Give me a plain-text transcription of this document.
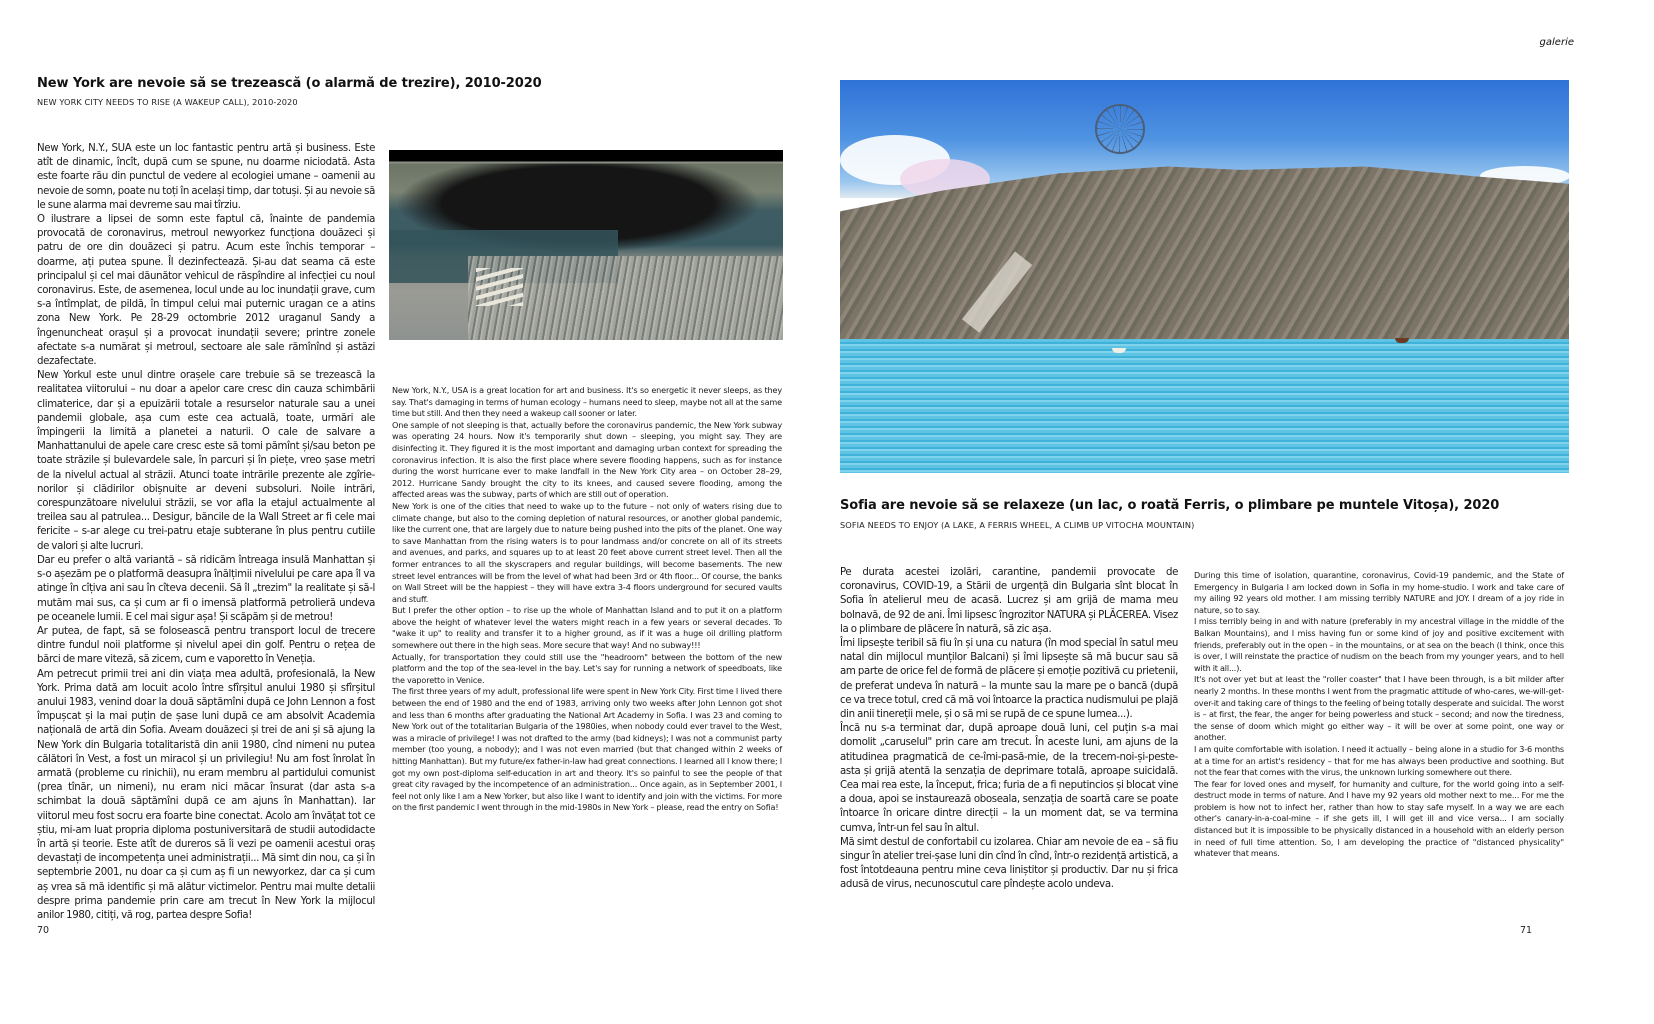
New York are nevoie să se trezească (o alarmă de trezire), 2010-2020
NEW YORK CITY NEEDS TO RISE (A WAKEUP CALL), 2010-2020

New York, N.Y., SUA este un loc fantastic pentru artă și business. Este atît de dinamic, încît, după cum se spune, nu doarme niciodată. Asta este foarte rău din punctul de vedere al ecologiei umane – oamenii au nevoie de somn, poate nu toți în același timp, dar totuși. Și au nevoie să le sune alarma mai devreme sau mai tîrziu.

O ilustrare a lipsei de somn este faptul că, înainte de pandemia provocată de coronavirus, metroul newyorkez funcționa douăzeci și patru de ore din douăzeci și patru. Acum este închis temporar – doarme, ați putea spune. Îl dezinfectează. Și-au dat seama că este principalul și cel mai dăunător vehicul de răspîndire al infecției cu noul coronavirus. Este, de asemenea, locul unde au loc inundații grave, cum s-a întîmplat, de pildă, în timpul celui mai puternic uragan ce a atins zona New York. Pe 28-29 octombrie 2012 uraganul Sandy a îngenuncheat orașul și a provocat inundații severe; printre zonele afectate s-a numărat și metroul, sectoare ale sale rămînînd și astăzi dezafectate.

New Yorkul este unul dintre orașele care trebuie să se trezească la realitatea viitorului – nu doar a apelor care cresc din cauza schimbării climaterice, dar și a epuizării totale a resurselor naturale sau a unei pandemii globale, așa cum este cea actuală, toate, urmări ale împingerii la limită a planetei a naturii. O cale de salvare a Manhattanului de apele care cresc este să tomi pămînt și/sau beton pe toate străzile și bulevardele sale, în parcuri și în piețe, vreo șase metri de la nivelul actual al străzii. Atunci toate intrările prezente ale zgîrie-norilor și clădirilor obișnuite ar deveni subsoluri. Noile intrări, corespunzătoare nivelului străzii, se vor afla la etajul actualmente al treilea sau al patrulea... Desigur, băncile de la Wall Street ar fi cele mai fericite – s-ar alege cu trei-patru etaje subterane în plus pentru cutiile de valori și alte lucruri.

Dar eu prefer o altă variantă – să ridicăm întreaga insulă Manhattan și s-o așezăm pe o platformă deasupra înălțimii nivelului pe care apa îl va atinge în cîțiva ani sau în cîteva decenii. Să îl „trezim" la realitate și să-l mutăm mai sus, ca și cum ar fi o imensă platformă petrolieră undeva pe oceanele lumii. E cel mai sigur așa! Și scăpăm și de metrou!

Ar putea, de fapt, să se folosească pentru transport locul de trecere dintre fundul noii platforme și nivelul apei din golf. Pentru o rețea de bărci de mare viteză, să zicem, cum e vaporetto în Veneția.

Am petrecut primii trei ani din viața mea adultă, profesională, la New York. Prima dată am locuit acolo între sfîrșitul anului 1980 și sfîrșitul anului 1983, venind doar la două săptămîni după ce John Lennon a fost împușcat și la mai puțin de șase luni după ce am absolvit Academia națională de artă din Sofia. Aveam douăzeci și trei de ani și să ajung la New York din Bulgaria totalitaristă din anii 1980, cînd nimeni nu putea călători în Vest, a fost un miracol și un privilegiu! Nu am fost înrolat în armată (probleme cu rinichii), nu eram membru al partidului comunist (prea tînăr, un nimeni), nu eram nici măcar însurat (dar asta s-a schimbat la două săptămîni după ce am ajuns în Manhattan). Iar viitorul meu fost socru era foarte bine conectat. Acolo am învățat tot ce știu, mi-am luat propria diploma postuniversitară de studii autodidacte în artă și teorie. Este atît de dureros să îi vezi pe oamenii acestui oraș devastați de incompetența unei administrații... Mă simt din nou, ca și în septembrie 2001, nu doar ca și cum aș fi un newyorkez, dar ca și cum aș vrea să mă identific și mă alătur victimelor. Pentru mai multe detalii despre prima pandemie prin care am trecut în New York la mijlocul anilor 1980, citiți, vă rog, partea despre Sofia!

New York, N.Y., USA is a great location for art and business. It's so energetic it never sleeps, as they say. That's damaging in terms of human ecology – humans need to sleep, maybe not all at the same time but still. And then they need a wakeup call sooner or later.

One sample of not sleeping is that, actually before the coronavirus pandemic, the New York subway was operating 24 hours. Now it's temporarily shut down – sleeping, you might say. They are disinfecting it. They figured it is the most important and damaging urban context for spreading the coronavirus infection. It is also the first place where severe flooding happens, such as for instance during the worst hurricane ever to make landfall in the New York City area – on October 28–29, 2012. Hurricane Sandy brought the city to its knees, and caused severe flooding, among the affected areas was the subway, parts of which are still out of operation.

New York is one of the cities that need to wake up to the future – not only of waters rising due to climate change, but also to the coming depletion of natural resources, or another global pandemic, like the current one, that are largely due to nature being pushed into the pits of the planet. One way to save Manhattan from the rising waters is to pour landmass and/or concrete on all of its streets and avenues, and parks, and squares up to at least 20 feet above current street level. Then all the former entrances to all the skyscrapers and regular buildings, will become basements. The new street level entrances will be from the level of what had been 3rd or 4th floor... Of course, the banks on Wall Street will be the happiest – they will have extra 3-4 floors underground for secured vaults and stuff.

But I prefer the other option – to rise up the whole of Manhattan Island and to put it on a platform above the height of whatever level the waters might reach in a few years or several decades. To "wake it up" to reality and transfer it to a higher ground, as if it was a huge oil drilling platform somewhere out there in the high seas. More secure that way! And no subway!!!

Actually, for transportation they could still use the "headroom" between the bottom of the new platform and the top of the sea-level in the bay. Let's say for running a network of speedboats, like the vaporetto in Venice.

The first three years of my adult, professional life were spent in New York City. First time I lived there between the end of 1980 and the end of 1983, arriving only two weeks after John Lennon got shot and less than 6 months after graduating the National Art Academy in Sofia. I was 23 and coming to New York out of the totalitarian Bulgaria of the 1980ies, when nobody could ever travel to the West, was a miracle of privilege! I was not drafted to the army (bad kidneys); I was not a communist party member (too young, a nobody); and I was not even married (but that changed within 2 weeks of hitting Manhattan). But my future/ex father-in-law had great connections. I learned all I know there; I got my own post-diploma self-education in art and theory. It's so painful to see the people of that great city ravaged by the incompetence of an administration... Once again, as in September 2001, I feel not only like I am a New Yorker, but also like I want to identify and join with the victims. For more on the first pandemic I went through in the mid-1980s in New York – please, read the entry on Sofia!

70
galerie
Sofia are nevoie să se relaxeze (un lac, o roată Ferris, o plimbare pe muntele Vitoșa), 2020
SOFIA NEEDS TO ENJOY (A LAKE, A FERRIS WHEEL, A CLIMB UP VITOCHA MOUNTAIN)

Pe durata acestei izolări, carantine, pandemii provocate de coronavirus, COVID-19, a Stării de urgență din Bulgaria sînt blocat în Sofia în atelierul meu de acasă. Lucrez și am grijă de mama meu bolnavă, de 92 de ani. Îmi lipsesc îngrozitor NATURA și PLĂCEREA. Visez la o plimbare de plăcere în natură, să zic așa.

Îmi lipsește teribil să fiu în și una cu natura (în mod special în satul meu natal din mijlocul munților Balcani) și îmi lipsește să mă bucur sau să am parte de orice fel de formă de plăcere și emoție pozitivă cu prietenii, de preferat undeva în natură – la munte sau la mare pe o bancă (după ce va trece totul, cred că mă voi întoarce la practica nudismului pe plajă din anii tinereții mele, și o să mi se rupă de ce spune lumea...).

Încă nu s-a terminat dar, după aproape două luni, cel puțin s-a mai domolit „caruselul" prin care am trecut. În aceste luni, am ajuns de la atitudinea pragmatică de ce-îmi-pasă-mie, de la trecem-noi-și-peste-asta și grijă atentă la senzația de deprimare totală, aproape suicidală. Cea mai rea este, la început, frica; furia de a fi neputincios și blocat vine a doua, apoi se instaurează oboseala, senzația de soartă care se poate întoarce în oricare dintre direcții – la un moment dat, se va termina cumva, într-un fel sau în altul.

Mă simt destul de confortabil cu izolarea. Chiar am nevoie de ea – să fiu singur în atelier trei-șase luni din cînd în cînd, într-o rezidență artistică, a fost întotdeauna pentru mine ceva liniștitor și productiv. Dar nu și frica adusă de virus, necunoscutul care pîndește acolo undeva.

During this time of isolation, quarantine, coronavirus, Covid-19 pandemic, and the State of Emergency in Bulgaria I am locked down in Sofia in my home-studio. I work and take care of my ailing 92 years old mother. I am missing terribly NATURE and JOY. I dream of a joy ride in nature, so to say.

I miss terribly being in and with nature (preferably in my ancestral village in the middle of the Balkan Mountains), and I miss having fun or some kind of joy and positive excitement with friends, preferably out in the open – in the mountains, or at sea on the beach (I think, once this is over, I will reinstate the practice of nudism on the beach from my younger years, and to hell with it all...).

It's not over yet but at least the "roller coaster" that I have been through, is a bit milder after nearly 2 months. In these months I went from the pragmatic attitude of who-cares, we-will-get-over-it and taking care of things to the feeling of being totally desperate and suicidal. The worst is – at first, the fear, the anger for being powerless and stuck – second; and now the tiredness, the sense of doom which might go either way – it will be over at some point, one way or another.

I am quite comfortable with isolation. I need it actually – being alone in a studio for 3-6 months at a time for an artist's residency – that for me has always been productive and soothing. But not the fear that comes with the virus, the unknown lurking somewhere out there.

The fear for loved ones and myself, for humanity and culture, for the world going into a self-destruct mode in terms of nature. And I have my 92 years old mother next to me... For me the problem is how not to infect her, rather than how to stay safe myself. In a way we are each other's canary-in-a-coal-mine – if she gets ill, I will get ill and vice versa... I am socially distanced but it is impossible to be physically distanced in a household with an elderly person in need of full time attention. So, I am developing the practice of "distanced physicality" whatever that means.

71
